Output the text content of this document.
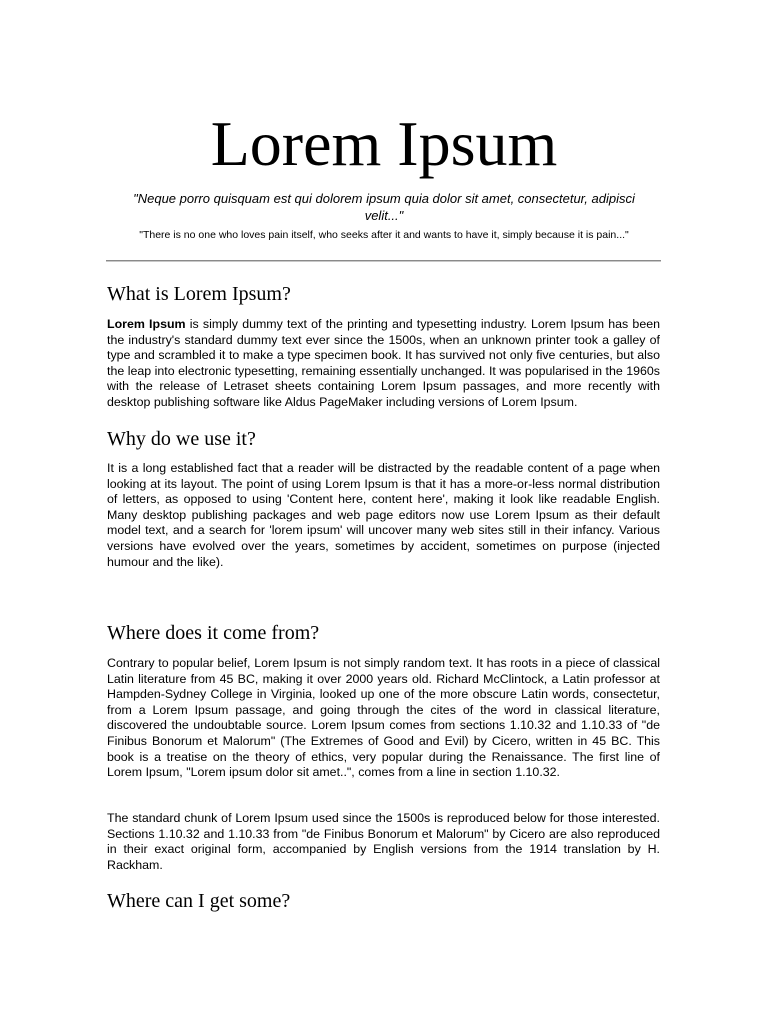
Lorem Ipsum

"Neque porro quisquam est qui dolorem ipsum quia dolor sit amet, consectetur, adipisci velit..."

"There is no one who loves pain itself, who seeks after it and wants to have it, simply because it is pain..."

What is Lorem Ipsum?

Lorem Ipsum is simply dummy text of the printing and typesetting industry. Lorem Ipsum has been the industry's standard dummy text ever since the 1500s, when an unknown printer took a galley of type and scrambled it to make a type specimen book. It has survived not only five centuries, but also the leap into electronic typesetting, remaining essentially unchanged. It was popularised in the 1960s with the release of Letraset sheets containing Lorem Ipsum passages, and more recently with desktop publishing software like Aldus PageMaker including versions of Lorem Ipsum.

Why do we use it?

It is a long established fact that a reader will be distracted by the readable content of a page when looking at its layout. The point of using Lorem Ipsum is that it has a more-or-less normal distribution of letters, as opposed to using 'Content here, content here', making it look like readable English. Many desktop publishing packages and web page editors now use Lorem Ipsum as their default model text, and a search for 'lorem ipsum' will uncover many web sites still in their infancy. Various versions have evolved over the years, sometimes by accident, sometimes on purpose (injected humour and the like).

Where does it come from?

Contrary to popular belief, Lorem Ipsum is not simply random text. It has roots in a piece of classical Latin literature from 45 BC, making it over 2000 years old. Richard McClintock, a Latin professor at Hampden-Sydney College in Virginia, looked up one of the more obscure Latin words, consectetur, from a Lorem Ipsum passage, and going through the cites of the word in classical literature, discovered the undoubtable source. Lorem Ipsum comes from sections 1.10.32 and 1.10.33 of "de Finibus Bonorum et Malorum" (The Extremes of Good and Evil) by Cicero, written in 45 BC. This book is a treatise on the theory of ethics, very popular during the Renaissance. The first line of Lorem Ipsum, "Lorem ipsum dolor sit amet..", comes from a line in section 1.10.32.

The standard chunk of Lorem Ipsum used since the 1500s is reproduced below for those interested. Sections 1.10.32 and 1.10.33 from "de Finibus Bonorum et Malorum" by Cicero are also reproduced in their exact original form, accompanied by English versions from the 1914 translation by H. Rackham.

Where can I get some?
